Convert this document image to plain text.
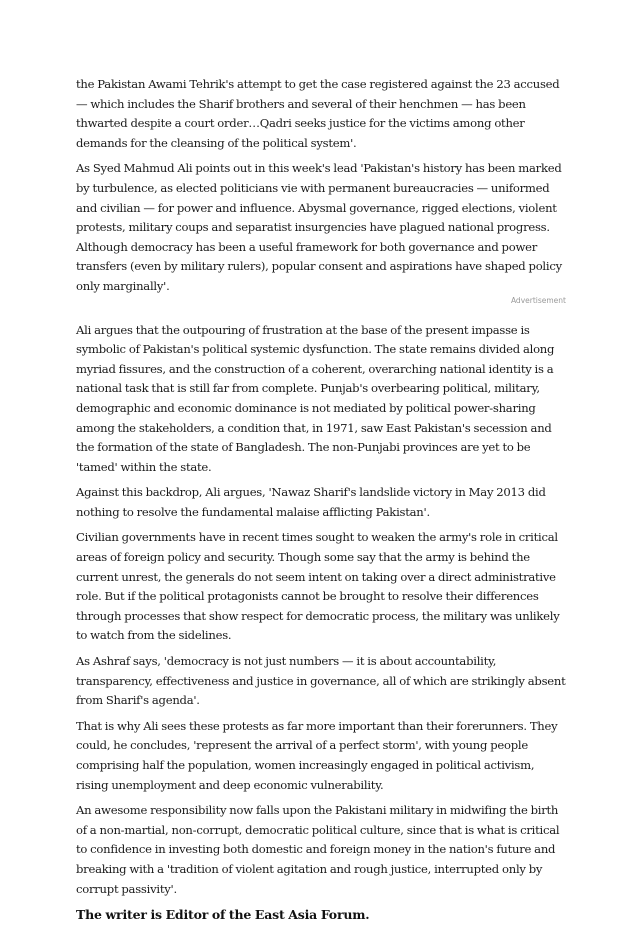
the Pakistan Awami Tehrik's attempt to get the case registered against the 23 accused — which includes the Sharif brothers and several of their henchmen — has been thwarted despite a court order…Qadri seeks justice for the victims among other demands for the cleansing of the political system'.

As Syed Mahmud Ali points out in this week's lead 'Pakistan's history has been marked by turbulence, as elected politicians vie with permanent bureaucracies — uniformed and civilian — for power and influence. Abysmal governance, rigged elections, violent protests, military coups and separatist insurgencies have plagued national progress. Although democracy has been a useful framework for both governance and power transfers (even by military rulers), popular consent and aspirations have shaped policy only marginally'.

Advertisement

Ali argues that the outpouring of frustration at the base of the present impasse is symbolic of Pakistan's political systemic dysfunction. The state remains divided along myriad fissures, and the construction of a coherent, overarching national identity is a national task that is still far from complete. Punjab's overbearing political, military, demographic and economic dominance is not mediated by political power-sharing among the stakeholders, a condition that, in 1971, saw East Pakistan's secession and the formation of the state of Bangladesh. The non-Punjabi provinces are yet to be 'tamed' within the state.

Against this backdrop, Ali argues, 'Nawaz Sharif's landslide victory in May 2013 did nothing to resolve the fundamental malaise afflicting Pakistan'.

Civilian governments have in recent times sought to weaken the army's role in critical areas of foreign policy and security. Though some say that the army is behind the current unrest, the generals do not seem intent on taking over a direct administrative role. But if the political protagonists cannot be brought to resolve their differences through processes that show respect for democratic process, the military was unlikely to watch from the sidelines.

As Ashraf says, 'democracy is not just numbers — it is about accountability, transparency, effectiveness and justice in governance, all of which are strikingly absent from Sharif's agenda'.

That is why Ali sees these protests as far more important than their forerunners. They could, he concludes, 'represent the arrival of a perfect storm', with young people comprising half the population, women increasingly engaged in political activism, rising unemployment and deep economic vulnerability.

An awesome responsibility now falls upon the Pakistani military in midwifing the birth of a non-martial, non-corrupt, democratic political culture, since that is what is critical to confidence in investing both domestic and foreign money in the nation's future and breaking with a 'tradition of violent agitation and rough justice, interrupted only by corrupt passivity'.

The writer is Editor of the East Asia Forum.
